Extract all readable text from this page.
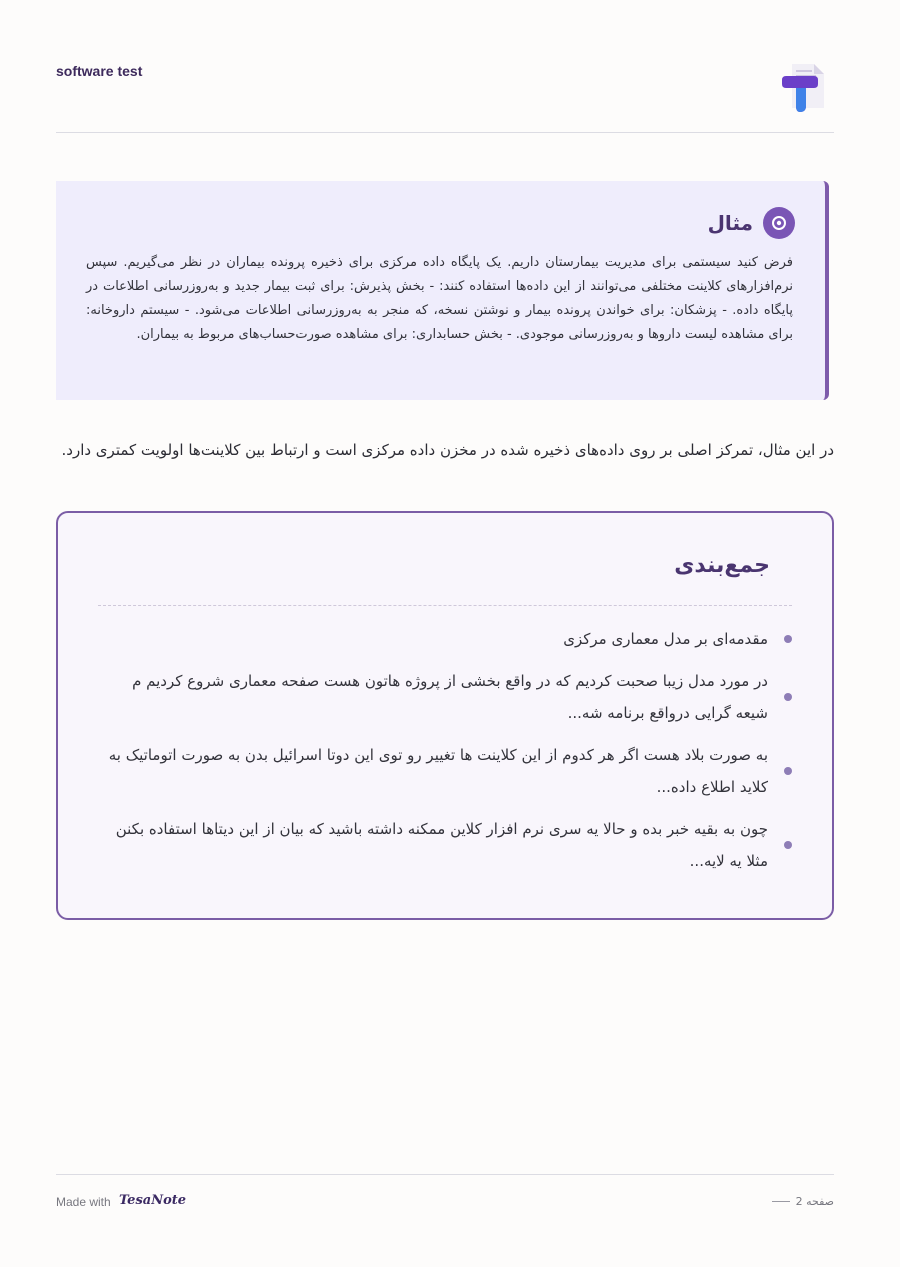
software test
مثال

فرض کنید سیستمی برای مدیریت بیمارستان داریم. یک پایگاه داده مرکزی برای ذخیره پرونده بیماران در نظر می‌گیریم. سپس نرم‌افزارهای کلاینت مختلفی می‌توانند از این داده‌ها استفاده کنند: - بخش پذیرش: برای ثبت بیمار جدید و به‌روزرسانی اطلاعات در پایگاه داده. - پزشکان: برای خواندن پرونده بیمار و نوشتن نسخه، که منجر به به‌روزرسانی اطلاعات می‌شود. - سیستم داروخانه: برای مشاهده لیست داروها و به‌روزرسانی موجودی. - بخش حسابداری: برای مشاهده صورت‌حساب‌های مربوط به بیماران.

در این مثال، تمرکز اصلی بر روی داده‌های ذخیره شده در مخزن داده مرکزی است و ارتباط بین کلاینت‌ها اولویت کمتری دارد.

جمع‌بندی
مقدمه‌ای بر مدل معماری مرکزی
در مورد مدل زیبا صحبت کردیم که در واقع بخشی از پروژه هاتون هست صفحه معماری شروع کردیم م شیعه گرایی درواقع برنامه شه...
به صورت بلاد هست اگر هر کدوم از این کلاینت ها تغییر رو توی این دوتا اسرائیل بدن به صورت اتوماتیک به کلاید اطلاع داده...
چون به بقیه خبر بده و حالا یه سری نرم افزار کلاین ممکنه داشته باشید که بیان از این دیتاها استفاده بکنن مثلا یه لایه...
Made with TesaNote	صفحه 2
